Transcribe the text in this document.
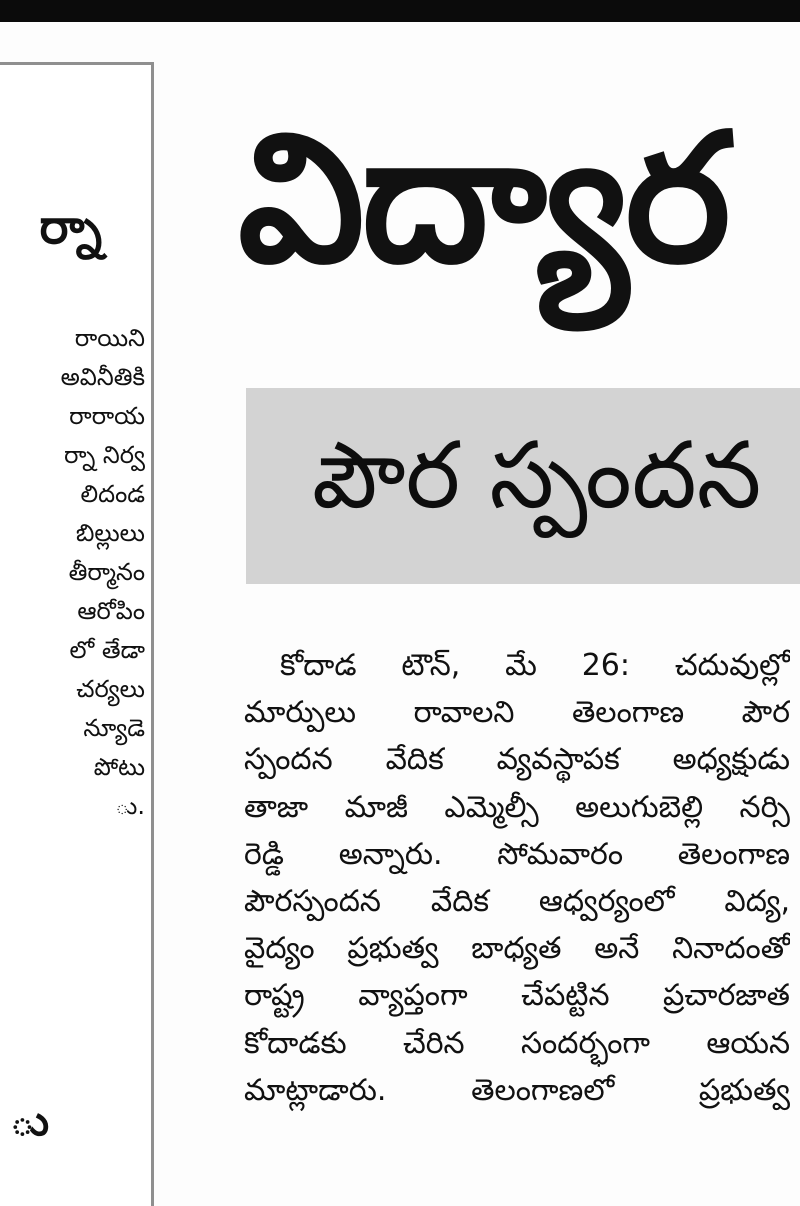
ర్నా
రాయిని
అవినీతికి
రారాయ
ర్నా నిర్వ
లిదండ
బిల్లులు
తీర్మానం
ఆరోపిం
లో తేడా
చర్యలు
న్యూడె
పోటు
ు.
ు
విద్యార
పౌర స్పందన
కోదాడ టౌన్, మే 26: చదువుల్లో
మార్పులు రావాలని తెలంగాణ పౌర
స్పందన వేదిక వ్యవస్థాపక అధ్యక్షుడు
తాజా మాజీ ఎమ్మెల్సీ అలుగుబెల్లి నర్సి
రెడ్డి అన్నారు. సోమవారం తెలంగాణ
పౌరస్పందన వేదిక ఆధ్వర్యంలో విద్య,
వైద్యం ప్రభుత్వ బాధ్యత అనే నినాదంతో
రాష్ట్ర వ్యాప్తంగా చేపట్టిన ప్రచారజాత
కోదాడకు చేరిన సందర్భంగా ఆయన
మాట్లాడారు. తెలంగాణలో ప్రభుత్వ
